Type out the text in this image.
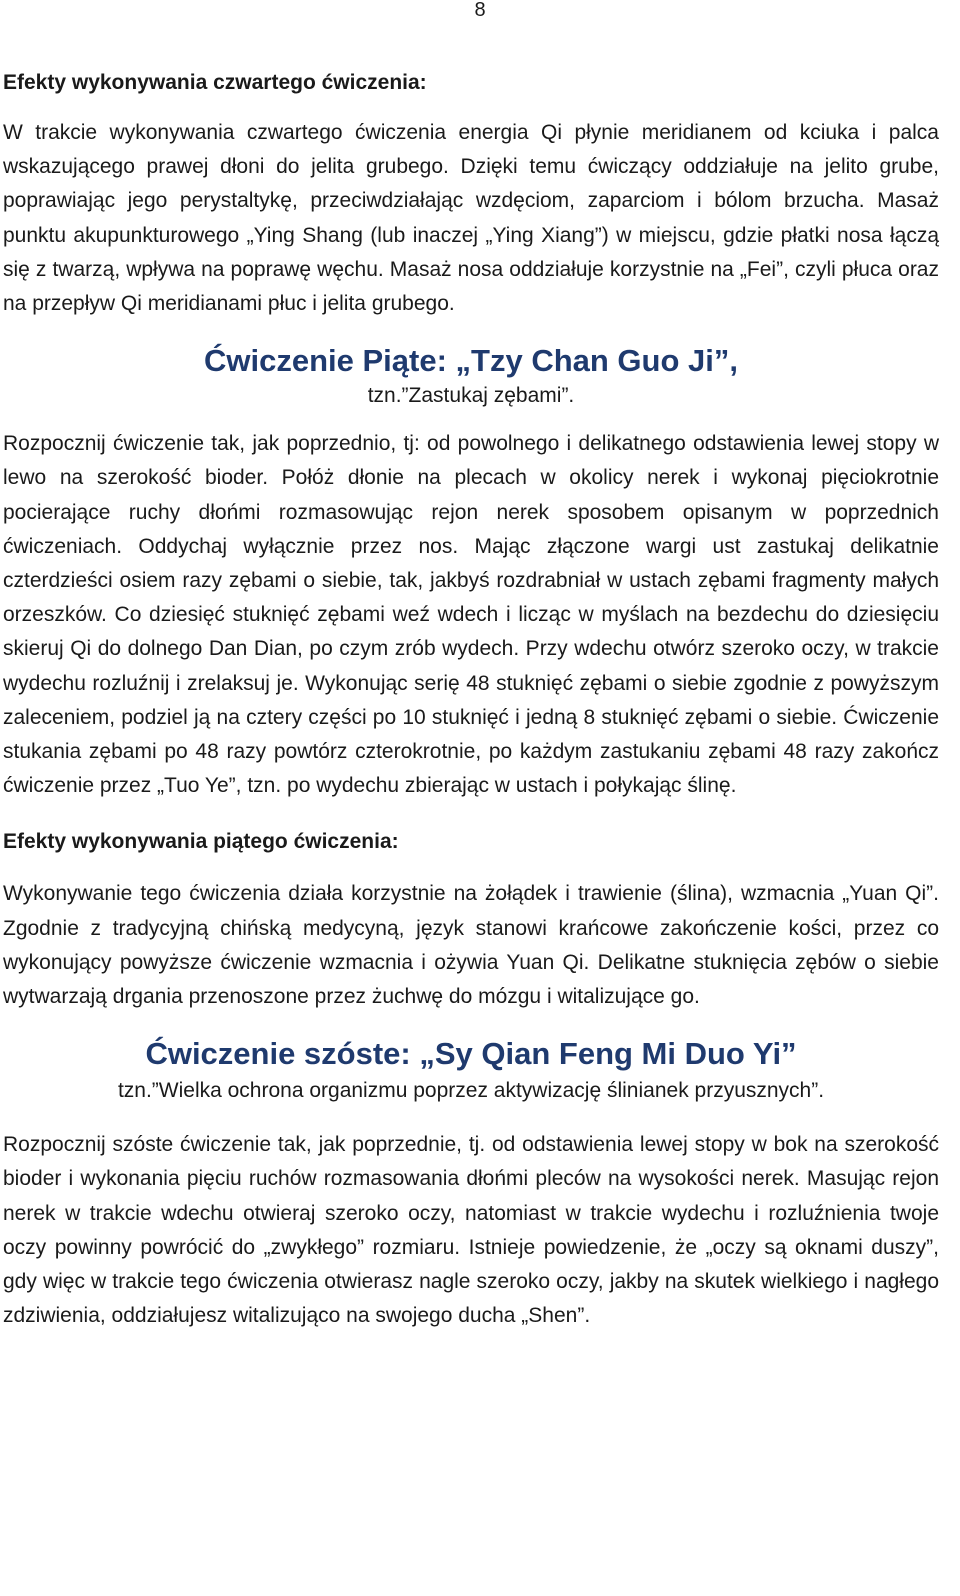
8

Efekty wykonywania czwartego ćwiczenia:

W trakcie wykonywania czwartego ćwiczenia energia Qi płynie meridianem od kciuka i palca wskazującego prawej dłoni do jelita grubego. Dzięki temu ćwiczący oddziałuje na jelito grube, poprawiając jego perystaltykę, przeciwdziałając wzdęciom, zaparciom i bólom brzucha. Masaż punktu akupunkturowego „Ying Shang (lub inaczej „Ying Xiang”) w miejscu, gdzie płatki nosa łączą się z twarzą, wpływa na poprawę węchu. Masaż nosa oddziałuje korzystnie na „Fei”, czyli płuca oraz na przepływ Qi meridianami płuc i jelita grubego.

Ćwiczenie Piąte: „Tzy Chan Guo Ji”,

tzn.”Zastukaj zębami”.

Rozpocznij ćwiczenie tak, jak poprzednio, tj: od powolnego i delikatnego odstawienia lewej stopy w lewo na szerokość bioder. Połóż dłonie na plecach w okolicy nerek i wykonaj pięciokrotnie pocierające ruchy dłońmi rozmasowując rejon nerek sposobem opisanym w poprzednich ćwiczeniach. Oddychaj wyłącznie przez nos. Mając złączone wargi ust zastukaj delikatnie czterdzieści osiem razy zębami o siebie, tak, jakbyś rozdrabniał w ustach zębami fragmenty małych orzeszków. Co dziesięć stuknięć zębami weź wdech i licząc w myślach na bezdechu do dziesięciu skieruj Qi do dolnego Dan Dian, po czym zrób wydech. Przy wdechu otwórz szeroko oczy, w trakcie wydechu rozluźnij i zrelaksuj je. Wykonując serię 48 stuknięć zębami o siebie zgodnie z powyższym zaleceniem, podziel ją na cztery części po 10 stuknięć i jedną 8 stuknięć zębami o siebie. Ćwiczenie stukania zębami po 48 razy powtórz czterokrotnie, po każdym zastukaniu zębami 48 razy zakończ ćwiczenie przez „Tuo Ye”, tzn. po wydechu zbierając w ustach i połykając ślinę.

Efekty wykonywania piątego ćwiczenia:

Wykonywanie tego ćwiczenia działa korzystnie na żołądek i trawienie (ślina), wzmacnia „Yuan Qi”. Zgodnie z tradycyjną chińską medycyną, język stanowi krańcowe zakończenie kości, przez co wykonujący powyższe ćwiczenie wzmacnia i ożywia Yuan Qi. Delikatne stuknięcia zębów o siebie wytwarzają drgania przenoszone przez żuchwę do mózgu i witalizujące go.

Ćwiczenie szóste: „Sy Qian Feng Mi Duo Yi”

tzn.”Wielka ochrona organizmu poprzez aktywizację ślinianek przyusznych”.

Rozpocznij szóste ćwiczenie tak, jak poprzednie, tj. od odstawienia lewej stopy w bok na szerokość bioder i wykonania pięciu ruchów rozmasowania dłońmi pleców na wysokości nerek. Masując rejon nerek w trakcie wdechu otwieraj szeroko oczy, natomiast w trakcie wydechu i rozluźnienia twoje oczy powinny powrócić do „zwykłego” rozmiaru. Istnieje powiedzenie, że „oczy są oknami duszy”, gdy więc w trakcie tego ćwiczenia otwierasz nagle szeroko oczy, jakby na skutek wielkiego i nagłego zdziwienia, oddziałujesz witalizująco na swojego ducha „Shen”.
